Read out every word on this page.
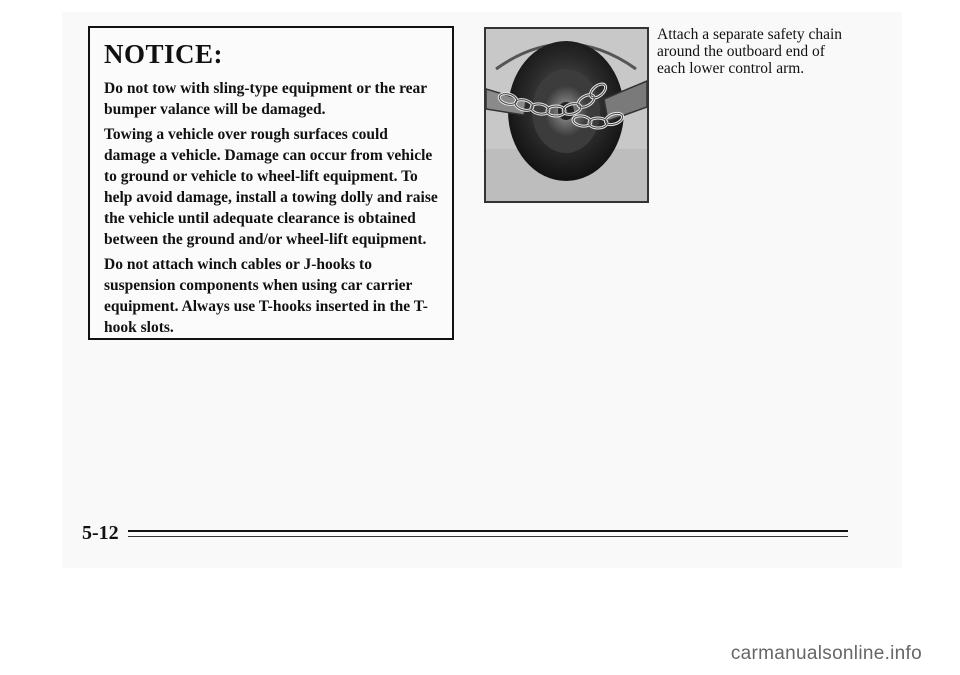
NOTICE:

Do not tow with sling-type equipment or the rear bumper valance will be damaged.

Towing a vehicle over rough surfaces could damage a vehicle. Damage can occur from vehicle to ground or vehicle to wheel-lift equipment. To help avoid damage, install a towing dolly and raise the vehicle until adequate clearance is obtained between the ground and/or wheel-lift equipment.

Do not attach winch cables or J-hooks to suspension components when using car carrier equipment. Always use T-hooks inserted in the T-hook slots.

Attach a separate safety chain around the outboard end of each lower control arm.
5-12
carmanualsonline.info
